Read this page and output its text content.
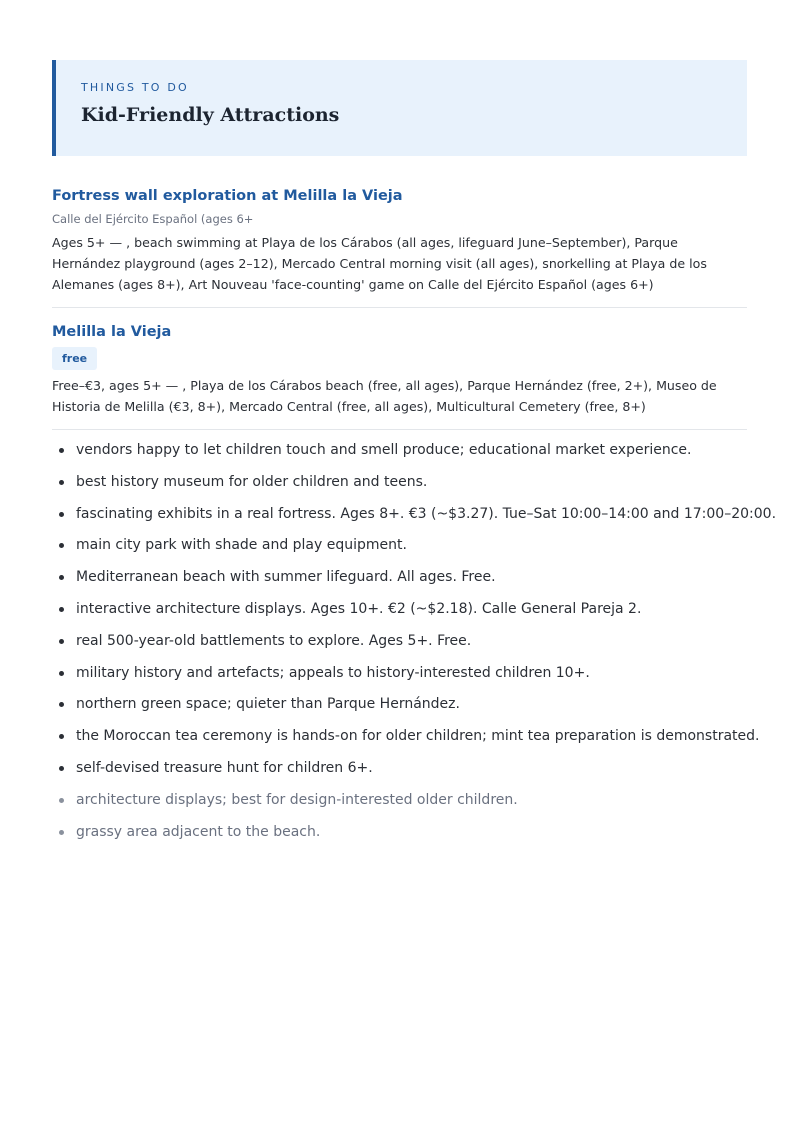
THINGS TO DO
Kid-Friendly Attractions
Fortress wall exploration at Melilla la Vieja
Calle del Ejército Español (ages 6+

Ages 5+ — , beach swimming at Playa de los Cárabos (all ages, lifeguard June–September), Parque Hernández playground (ages 2–12), Mercado Central morning visit (all ages), snorkelling at Playa de los Alemanes (ages 8+), Art Nouveau 'face-counting' game on Calle del Ejército Español (ages 6+)

Melilla la Vieja
free

Free–€3, ages 5+ — , Playa de los Cárabos beach (free, all ages), Parque Hernández (free, 2+), Museo de Historia de Melilla (€3, 8+), Mercado Central (free, all ages), Multicultural Cemetery (free, 8+)

vendors happy to let children touch and smell produce; educational market experience.
best history museum for older children and teens.
fascinating exhibits in a real fortress. Ages 8+. €3 (~$3.27). Tue–Sat 10:00–14:00 and 17:00–20:00.
main city park with shade and play equipment.
Mediterranean beach with summer lifeguard. All ages. Free.
interactive architecture displays. Ages 10+. €2 (~$2.18). Calle General Pareja 2.
real 500-year-old battlements to explore. Ages 5+. Free.
military history and artefacts; appeals to history-interested children 10+.
northern green space; quieter than Parque Hernández.
the Moroccan tea ceremony is hands-on for older children; mint tea preparation is demonstrated.
self-devised treasure hunt for children 6+.
architecture displays; best for design-interested older children.
grassy area adjacent to the beach.
